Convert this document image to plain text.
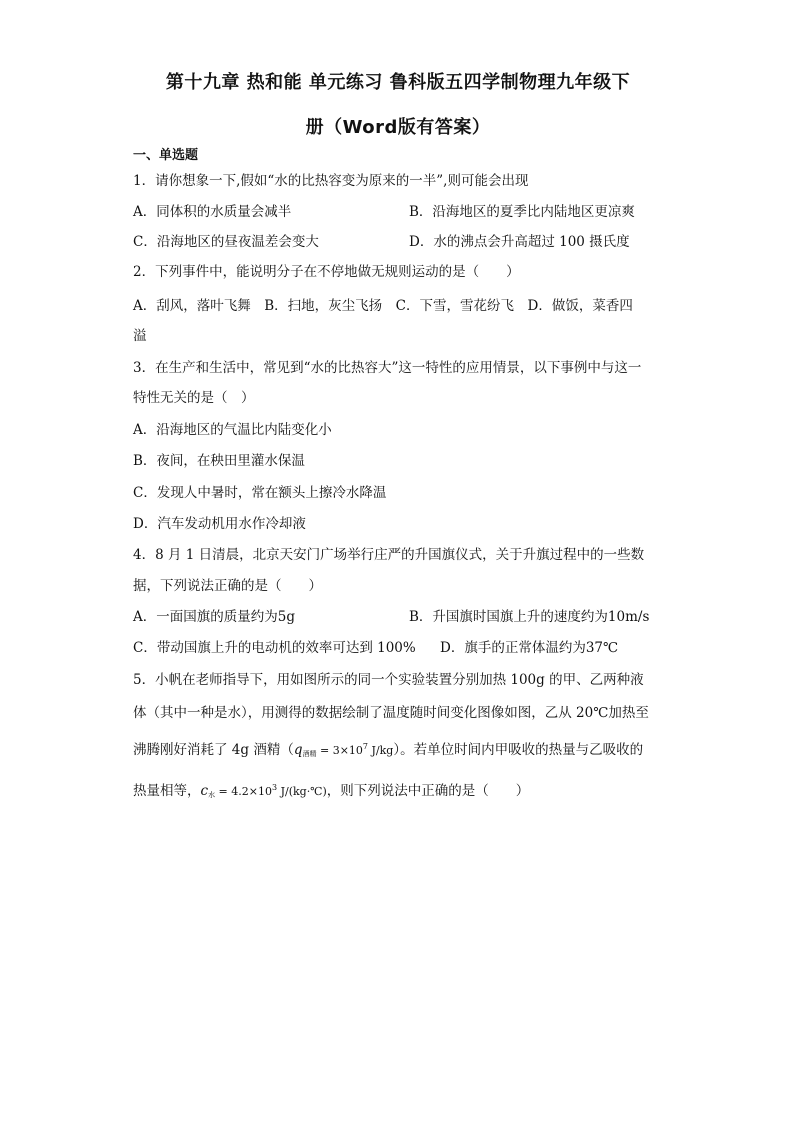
第十九章 热和能 单元练习 鲁科版五四学制物理九年级下
册（Word版有答案）
一、单选题
1．请你想象一下,假如“水的比热容变为原来的一半”,则可能会出现
A．同体积的水质量会减半	B．沿海地区的夏季比内陆地区更凉爽
C．沿海地区的昼夜温差会变大	D．水的沸点会升高超过 100 摄氏度
2．下列事件中，能说明分子在不停地做无规则运动的是（　　）
A．刮风，落叶飞舞　B．扫地，灰尘飞扬　C．下雪，雪花纷飞　D．做饭，菜香四
溢
3．在生产和生活中，常见到“水的比热容大”这一特性的应用情景，以下事例中与这一
特性无关的是（　）
A．沿海地区的气温比内陆变化小
B．夜间，在秧田里灌水保温
C．发现人中暑时，常在额头上擦冷水降温
D．汽车发动机用水作冷却液
4．8 月 1 日清晨，北京天安门广场举行庄严的升国旗仪式，关于升旗过程中的一些数
据，下列说法正确的是（　　）
A．一面国旗的质量约为5g	B．升国旗时国旗上升的速度约为10m/s
C．带动国旗上升的电动机的效率可达到 100% D．旗手的正常体温约为37℃
5．小帆在老师指导下，用如图所示的同一个实验装置分别加热 100g 的甲、乙两种液
体（其中一种是水），用测得的数据绘制了温度随时间变化图像如图，乙从 20℃加热至
沸腾刚好消耗了 4g 酒精（$q_{酒精} = 3\times 10^7$ J/kg）。若单位时间内甲吸收的热量与乙吸收的
热量相等，$c_水 = 4.2\times 10^3$ J/(kg·℃)，则下列说法中正确的是（　　）
